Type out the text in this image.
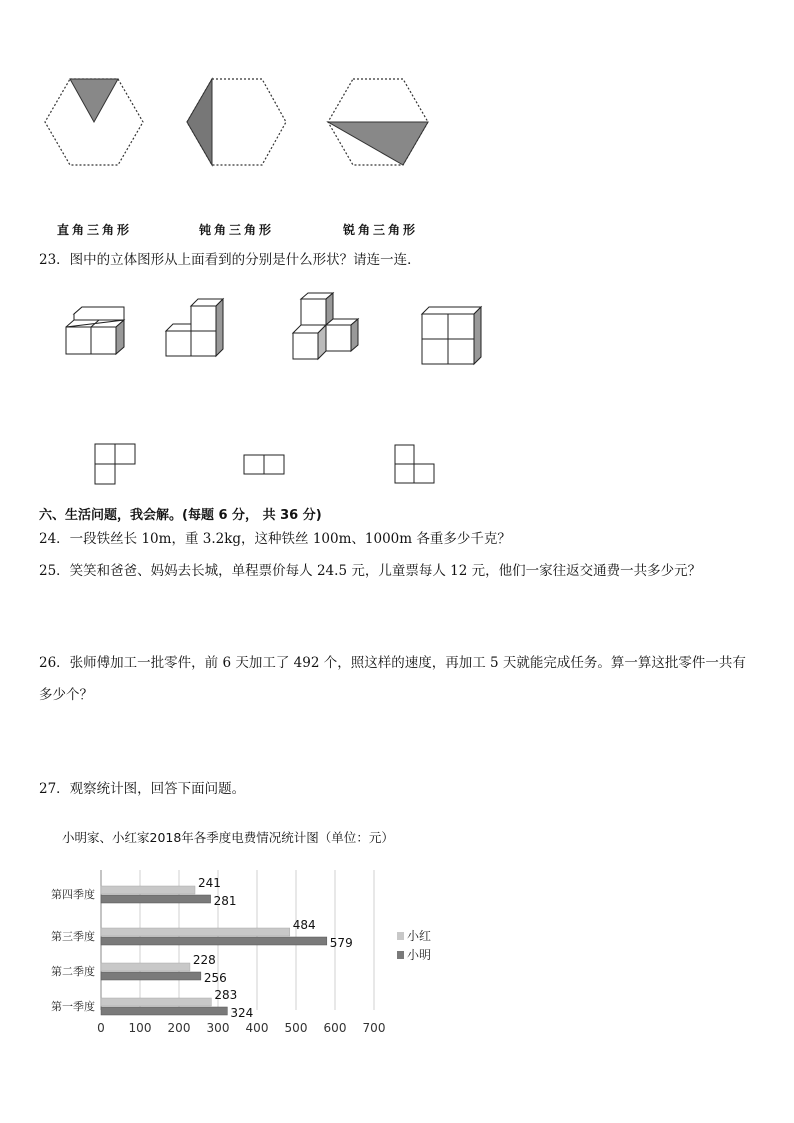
直角三角形	钝角三角形	锐角三角形
23．图中的立体图形从上面看到的分别是什么形状？请连一连．
六、生活问题，我会解。(每题 6 分， 共 36 分)
24．一段铁丝长 10m，重 3.2kg，这种铁丝 100m、1000m 各重多少千克？
25．笑笑和爸爸、妈妈去长城，单程票价每人 24.5 元，儿童票每人 12 元，他们一家往返交通费一共多少元？
26．张师傅加工一批零件，前 6 天加工了 492 个，照这样的速度，再加工 5 天就能完成任务。算一算这批零件一共有
多少个？
27．观察统计图，回答下面问题。
小明家、小红家2018年各季度电费情况统计图（单位：元）
0 100 200 300 400 500 600 700
第一季度
283
324
第二季度
228
256
第三季度
484
579
第四季度
241
281
小红
小明
